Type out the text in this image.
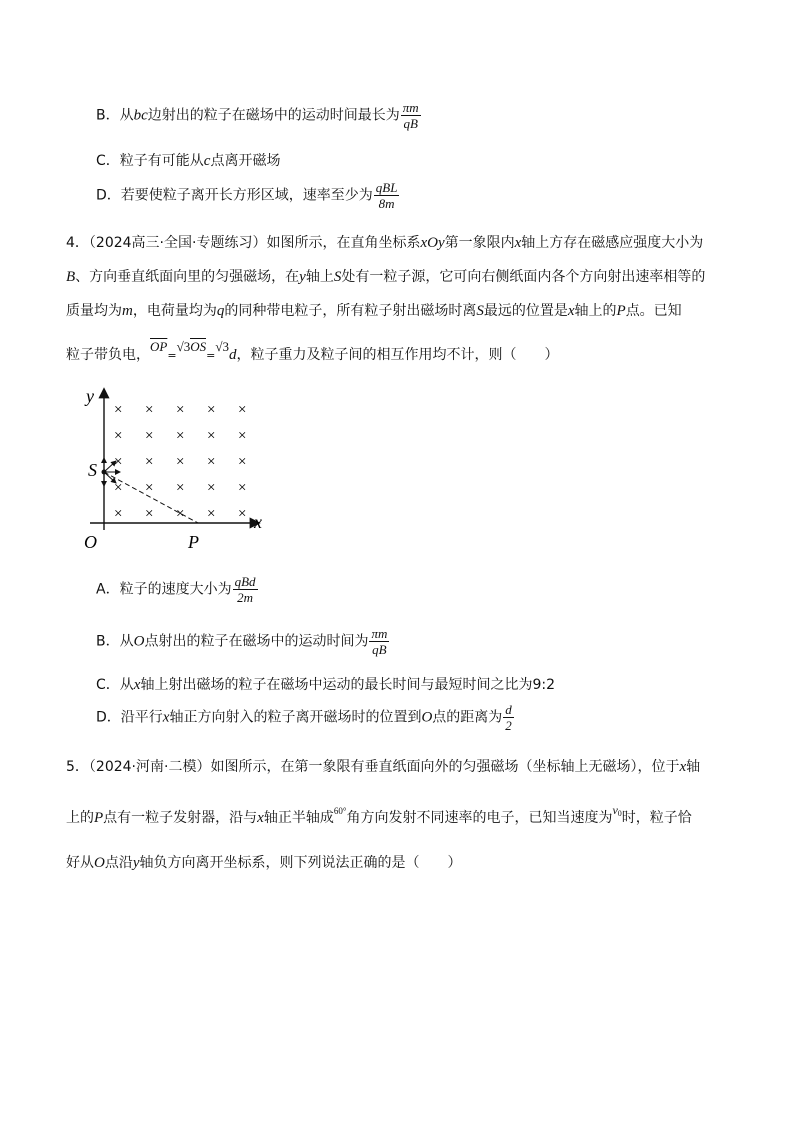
B．从bc边射出的粒子在磁场中的运动时间最长为 $\frac{\pi m}{qB}$
C．粒子有可能从c点离开磁场
D．若要使粒子离开长方形区域，速率至少为 $\frac{\text{qBL}}{8m}$
4．（2024高三·全国·专题练习）如图所示，在直角坐标系xOy第一象限内x轴上方存在磁感应强度大小为
B、方向垂直纸面向里的匀强磁场，在y轴上S处有一粒子源，它可向右侧纸面内各个方向射出速率相等的
质量均为m，电荷量均为q的同种带电粒子，所有粒子射出磁场时离S最远的位置是x轴上的P点。已知
粒子带负电，$\overline{OP}=√3OS=√3d$，粒子重力及粒子间的相互作用均不计，则（　　）
y
x
O	P
S
× × × × ×
× × × × ×
× × × × ×
× × × × ×
× × × × ×
A．粒子的速度大小为 $\frac{\text{qBd}}{2m}$
B．从O点射出的粒子在磁场中的运动时间为 $\frac{\pi m}{qB}$
C．从x轴上射出磁场的粒子在磁场中运动的最长时间与最短时间之比为9:2
D．沿平行x轴正方向射入的粒子离开磁场时的位置到O点的距离为 $\frac{d}{2}$
5．（2024·河南·二模）如图所示，在第一象限有垂直纸面向外的匀强磁场（坐标轴上无磁场），位于x轴
上的P点有一粒子发射器，沿与x轴正半轴成$^{60^\circ}$角方向发射不同速率的电子，已知当速度为$v_0$时，粒子恰
好从O点沿y轴负方向离开坐标系，则下列说法正确的是（　　）
